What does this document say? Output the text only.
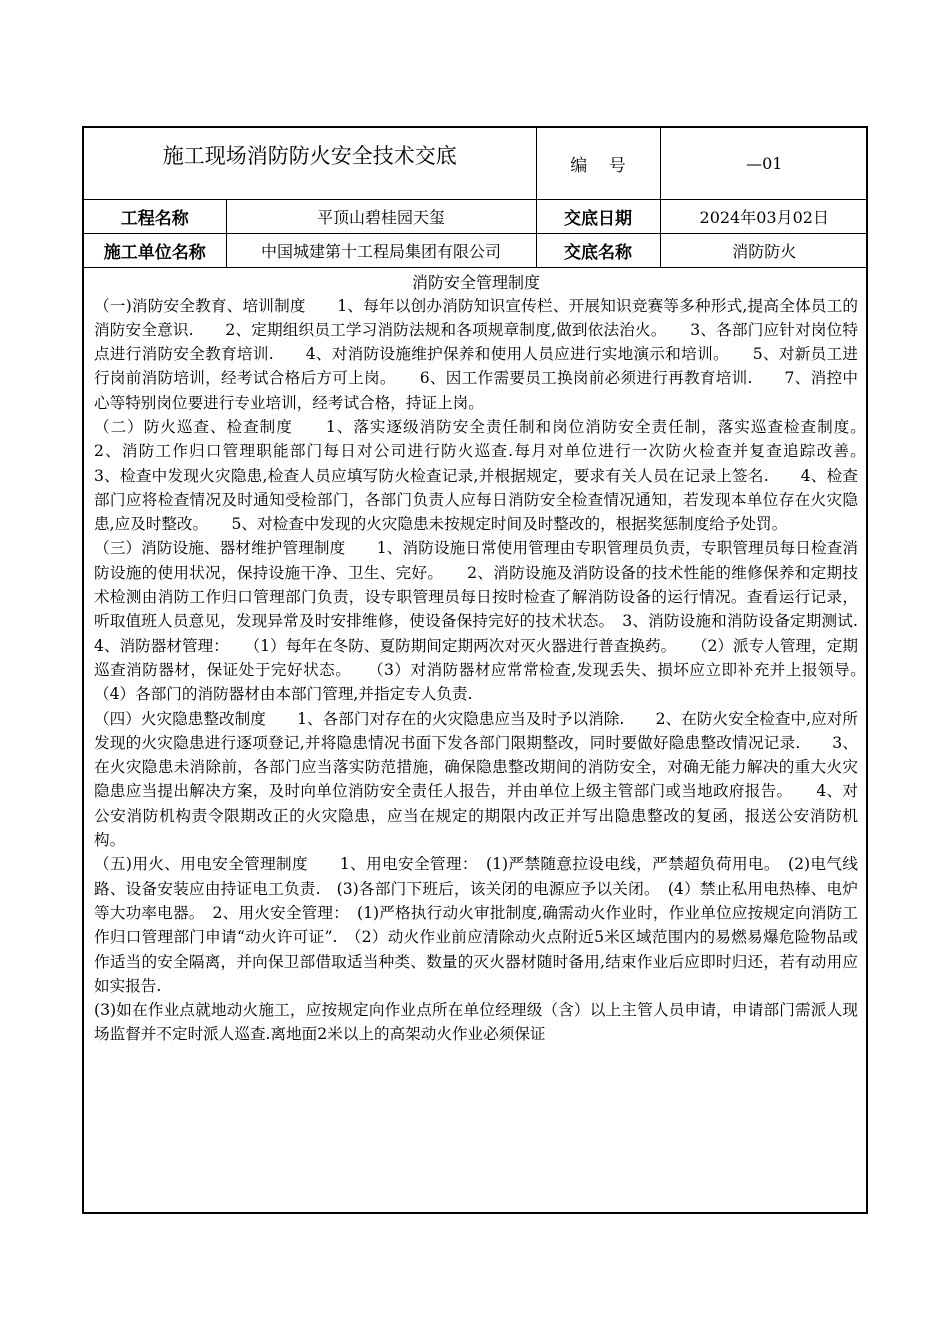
施工现场消防防火安全技术交底		编    号	—01
工程名称	平顶山碧桂园天玺	交底日期	2024年03月02日
施工单位名称	中国城建第十工程局集团有限公司	交底名称	消防防火
消防安全管理制度

（一)消防安全教育、培训制度　　1、每年以创办消防知识宣传栏、开展知识竞赛等多种形式,提高全体员工的消防安全意识.　　2、定期组织员工学习消防法规和各项规章制度,做到依法治火。　　3、各部门应针对岗位特点进行消防安全教育培训.　　4、对消防设施维护保养和使用人员应进行实地演示和培训。　　5、对新员工进行岗前消防培训，经考试合格后方可上岗。　　6、因工作需要员工换岗前必须进行再教育培训.　　7、消控中心等特别岗位要进行专业培训，经考试合格，持证上岗。

（二）防火巡查、检查制度　　1、落实逐级消防安全责任制和岗位消防安全责任制，落实巡查检查制度。　　2、消防工作归口管理职能部门每日对公司进行防火巡查.每月对单位进行一次防火检查并复查追踪改善。　　3、检查中发现火灾隐患,检查人员应填写防火检查记录,并根据规定，要求有关人员在记录上签名.　　4、检查部门应将检查情况及时通知受检部门，各部门负责人应每日消防安全检查情况通知，若发现本单位存在火灾隐患,应及时整改。　　5、对检查中发现的火灾隐患未按规定时间及时整改的，根据奖惩制度给予处罚。

（三）消防设施、器材维护管理制度　　1、消防设施日常使用管理由专职管理员负责，专职管理员每日检查消防设施的使用状况，保持设施干净、卫生、完好。　　2、消防设施及消防设备的技术性能的维修保养和定期技术检测由消防工作归口管理部门负责，设专职管理员每日按时检查了解消防设备的运行情况。查看运行记录，听取值班人员意见，发现异常及时安排维修，使设备保持完好的技术状态。　3、消防设施和消防设备定期测试.　4、消防器材管理：　　（1）每年在冬防、夏防期间定期两次对灭火器进行普查换药。　　（2）派专人管理，定期巡查消防器材，保证处于完好状态。　　（3）对消防器材应常常检查,发现丢失、损坏应立即补充并上报领导。　　（4）各部门的消防器材由本部门管理,并指定专人负责.

（四）火灾隐患整改制度　　1、各部门对存在的火灾隐患应当及时予以消除.　　2、在防火安全检查中,应对所发现的火灾隐患进行逐项登记,并将隐患情况书面下发各部门限期整改，同时要做好隐患整改情况记录.　　3、在火灾隐患未消除前，各部门应当落实防范措施，确保隐患整改期间的消防安全，对确无能力解决的重大火灾隐患应当提出解决方案，及时向单位消防安全责任人报告，并由单位上级主管部门或当地政府报告。　　4、对公安消防机构责令限期改正的火灾隐患，应当在规定的期限内改正并写出隐患整改的复函，报送公安消防机构。

（五)用火、用电安全管理制度　　1、用电安全管理：　(1)严禁随意拉设电线，严禁超负荷用电。　(2)电气线路、设备安装应由持证电工负责.　(3)各部门下班后，该关闭的电源应予以关闭。　(4）禁止私用电热棒、电炉等大功率电器。　2、用火安全管理：　(1)严格执行动火审批制度,确需动火作业时，作业单位应按规定向消防工作归口管理部门申请“动火许可证”.　（2）动火作业前应清除动火点附近5米区域范围内的易燃易爆危险物品或作适当的安全隔离，并向保卫部借取适当种类、数量的灭火器材随时备用,结束作业后应即时归还，若有动用应如实报告.

(3)如在作业点就地动火施工，应按规定向作业点所在单位经理级（含）以上主管人员申请，申请部门需派人现场监督并不定时派人巡查.离地面2米以上的高架动火作业必须保证
